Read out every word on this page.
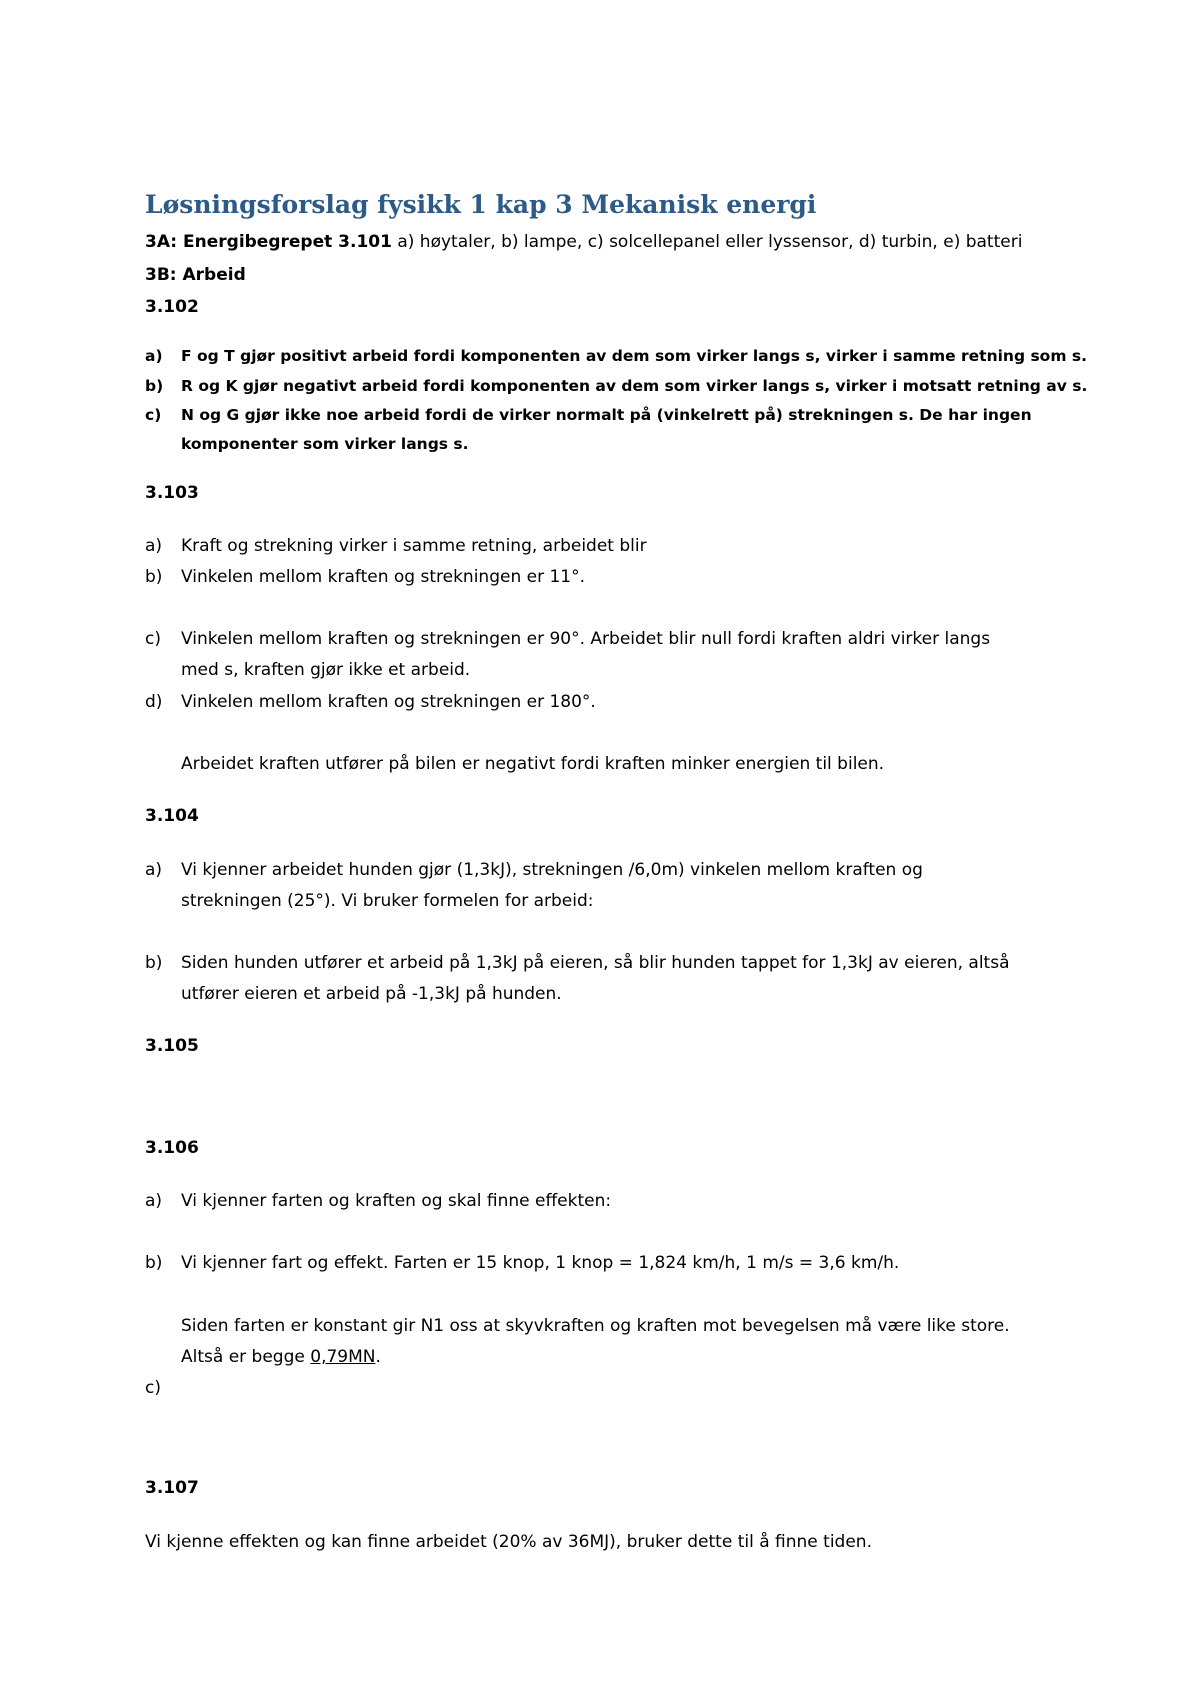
Løsningsforslag fysikk 1 kap 3 Mekanisk energi
3A: Energibegrepet 3.101 a) høytaler, b) lampe, c) solcellepanel eller lyssensor, d) turbin, e) batteri
3B: Arbeid
3.102
a) F og T gjør positivt arbeid fordi komponenten av dem som virker langs s, virker i samme retning som s.
b) R og K gjør negativt arbeid fordi komponenten av dem som virker langs s, virker i motsatt retning av s.
c) N og G gjør ikke noe arbeid fordi de virker normalt på (vinkelrett på) strekningen s. De har ingen
komponenter som virker langs s.
3.103
a) Kraft og strekning virker i samme retning, arbeidet blir
b) Vinkelen mellom kraften og strekningen er 11°.
c) Vinkelen mellom kraften og strekningen er 90°. Arbeidet blir null fordi kraften aldri virker langs
med s, kraften gjør ikke et arbeid.
d) Vinkelen mellom kraften og strekningen er 180°.
Arbeidet kraften utfører på bilen er negativt fordi kraften minker energien til bilen.
3.104
a) Vi kjenner arbeidet hunden gjør (1,3kJ), strekningen /6,0m) vinkelen mellom kraften og
strekningen (25°). Vi bruker formelen for arbeid:
b) Siden hunden utfører et arbeid på 1,3kJ på eieren, så blir hunden tappet for 1,3kJ av eieren, altså
utfører eieren et arbeid på -1,3kJ på hunden.
3.105
3.106
a) Vi kjenner farten og kraften og skal finne effekten:
b) Vi kjenner fart og effekt. Farten er 15 knop, 1 knop = 1,824 km/h, 1 m/s = 3,6 km/h.
Siden farten er konstant gir N1 oss at skyvkraften og kraften mot bevegelsen må være like store.
Altså er begge 0,79MN.
c)
3.107
Vi kjenne effekten og kan finne arbeidet (20% av 36MJ), bruker dette til å finne tiden.
